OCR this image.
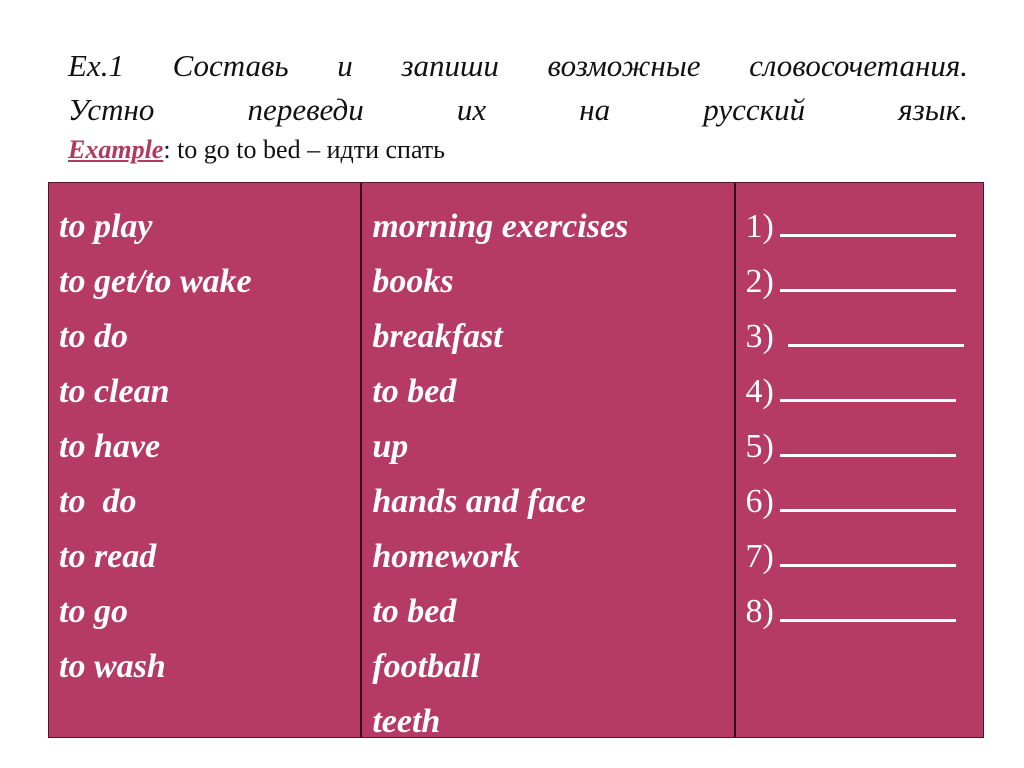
Ex.1 Составь и запиши возможные словосочетания.
Устно переведи их на русский язык.
Example: to go to bed – идти спать
to play
to get/to wake
to do
to clean
to have
to  do
to read
to go
to wash
morning exercises
books
breakfast
to bed
up
hands and face
homework
to bed
football
teeth
1)
2)
3)
4)
5)
6)
7)
8)
